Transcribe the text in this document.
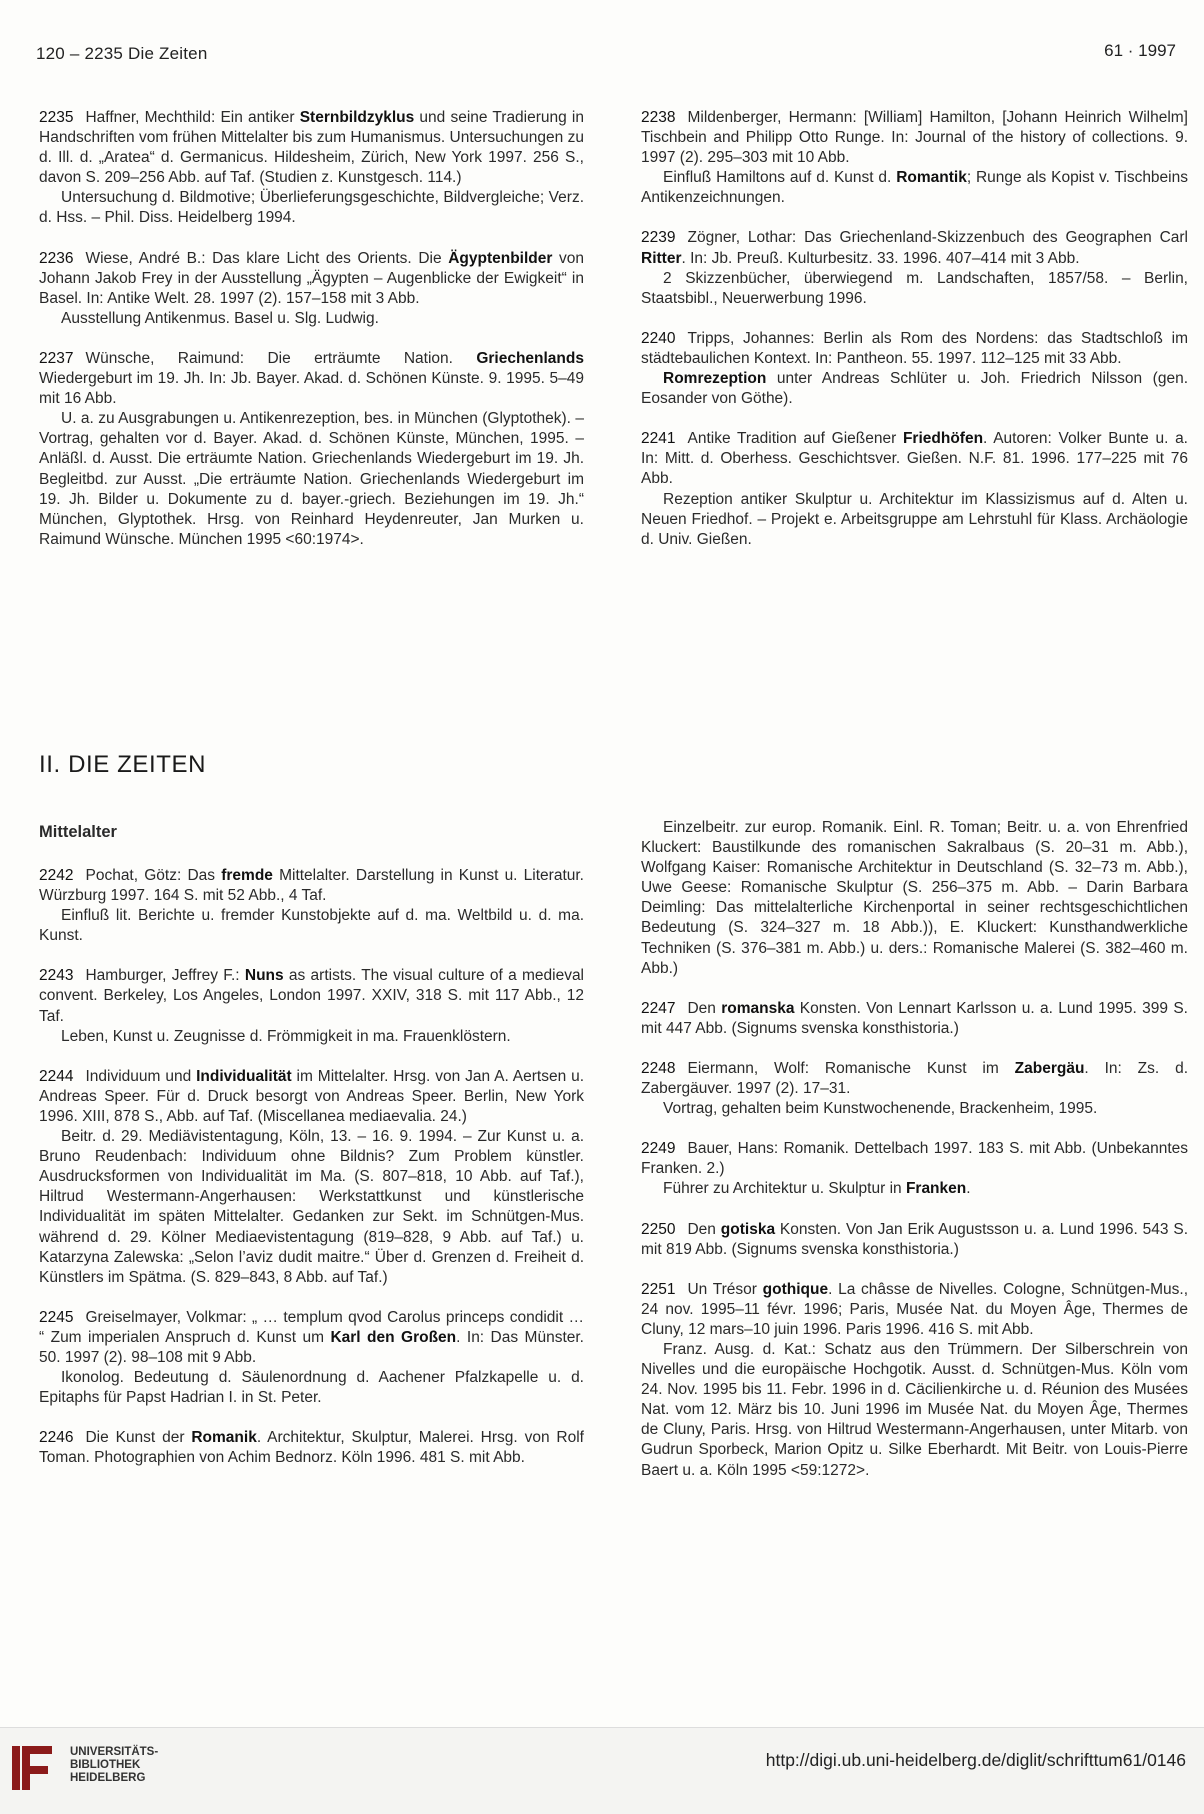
120 – 2235 Die Zeiten	61 · 1997

2235 Haffner, Mechthild: Ein antiker Sternbildzyklus und seine Tradierung in Handschriften vom frühen Mittelalter bis zum Humanismus. Untersuchungen zu d. Ill. d. „Aratea“ d. Germanicus. Hildesheim, Zürich, New York 1997. 256 S., davon S. 209–256 Abb. auf Taf. (Studien z. Kunstgesch. 114.)

Untersuchung d. Bildmotive; Überlieferungsgeschichte, Bildvergleiche; Verz. d. Hss. – Phil. Diss. Heidelberg 1994.

2236 Wiese, André B.: Das klare Licht des Orients. Die Ägyptenbilder von Johann Jakob Frey in der Ausstellung „Ägypten – Augenblicke der Ewigkeit“ in Basel. In: Antike Welt. 28. 1997 (2). 157–158 mit 3 Abb.

Ausstellung Antikenmus. Basel u. Slg. Ludwig.

2237 Wünsche, Raimund: Die erträumte Nation. Griechenlands Wiedergeburt im 19. Jh. In: Jb. Bayer. Akad. d. Schönen Künste. 9. 1995. 5–49 mit 16 Abb.

U. a. zu Ausgrabungen u. Antikenrezeption, bes. in München (Glyptothek). – Vortrag, gehalten vor d. Bayer. Akad. d. Schönen Künste, München, 1995. – Anläßl. d. Ausst. Die erträumte Nation. Griechenlands Wiedergeburt im 19. Jh. Begleitbd. zur Ausst. „Die erträumte Nation. Griechenlands Wiedergeburt im 19. Jh. Bilder u. Dokumente zu d. bayer.-griech. Beziehungen im 19. Jh.“ München, Glyptothek. Hrsg. von Reinhard Heydenreuter, Jan Murken u. Raimund Wünsche. München 1995 <60:1974>.

2238 Mildenberger, Hermann: [William] Hamilton, [Johann Heinrich Wilhelm] Tischbein and Philipp Otto Runge. In: Journal of the history of collections. 9. 1997 (2). 295–303 mit 10 Abb.

Einfluß Hamiltons auf d. Kunst d. Romantik; Runge als Kopist v. Tischbeins Antikenzeichnungen.

2239 Zögner, Lothar: Das Griechenland-Skizzenbuch des Geographen Carl Ritter. In: Jb. Preuß. Kulturbesitz. 33. 1996. 407–414 mit 3 Abb.

2 Skizzenbücher, überwiegend m. Landschaften, 1857/58. – Berlin, Staatsbibl., Neuerwerbung 1996.

2240 Tripps, Johannes: Berlin als Rom des Nordens: das Stadtschloß im städtebaulichen Kontext. In: Pantheon. 55. 1997. 112–125 mit 33 Abb.

Romrezeption unter Andreas Schlüter u. Joh. Friedrich Nilsson (gen. Eosander von Göthe).

2241 Antike Tradition auf Gießener Friedhöfen. Autoren: Volker Bunte u. a. In: Mitt. d. Oberhess. Geschichtsver. Gießen. N.F. 81. 1996. 177–225 mit 76 Abb.

Rezeption antiker Skulptur u. Architektur im Klassizismus auf d. Alten u. Neuen Friedhof. – Projekt e. Arbeitsgruppe am Lehrstuhl für Klass. Archäologie d. Univ. Gießen.

II. DIE ZEITEN
Mittelalter

2242 Pochat, Götz: Das fremde Mittelalter. Darstellung in Kunst u. Literatur. Würzburg 1997. 164 S. mit 52 Abb., 4 Taf.

Einfluß lit. Berichte u. fremder Kunstobjekte auf d. ma. Weltbild u. d. ma. Kunst.

2243 Hamburger, Jeffrey F.: Nuns as artists. The visual culture of a medieval convent. Berkeley, Los Angeles, London 1997. XXIV, 318 S. mit 117 Abb., 12 Taf.

Leben, Kunst u. Zeugnisse d. Frömmigkeit in ma. Frauenklöstern.

2244 Individuum und Individualität im Mittelalter. Hrsg. von Jan A. Aertsen u. Andreas Speer. Für d. Druck besorgt von Andreas Speer. Berlin, New York 1996. XIII, 878 S., Abb. auf Taf. (Miscellanea mediaevalia. 24.)

Beitr. d. 29. Mediävistentagung, Köln, 13. – 16. 9. 1994. – Zur Kunst u. a. Bruno Reudenbach: Individuum ohne Bildnis? Zum Problem künstler. Ausdrucksformen von Individualität im Ma. (S. 807–818, 10 Abb. auf Taf.), Hiltrud Westermann-Angerhausen: Werkstattkunst und künstlerische Individualität im späten Mittelalter. Gedanken zur Sekt. im Schnütgen-Mus. während d. 29. Kölner Mediaevistentagung (819–828, 9 Abb. auf Taf.) u. Katarzyna Zalewska: „Selon l’aviz dudit maitre.“ Über d. Grenzen d. Freiheit d. Künstlers im Spätma. (S. 829–843, 8 Abb. auf Taf.)

2245 Greiselmayer, Volkmar: „ … templum qvod Carolus princeps condidit … “ Zum imperialen Anspruch d. Kunst um Karl den Großen. In: Das Münster. 50. 1997 (2). 98–108 mit 9 Abb.

Ikonolog. Bedeutung d. Säulenordnung d. Aachener Pfalzkapelle u. d. Epitaphs für Papst Hadrian I. in St. Peter.

2246 Die Kunst der Romanik. Architektur, Skulptur, Malerei. Hrsg. von Rolf Toman. Photographien von Achim Bednorz. Köln 1996. 481 S. mit Abb.

Einzelbeitr. zur europ. Romanik. Einl. R. Toman; Beitr. u. a. von Ehrenfried Kluckert: Baustilkunde des romanischen Sakralbaus (S. 20–31 m. Abb.), Wolfgang Kaiser: Romanische Architektur in Deutschland (S. 32–73 m. Abb.), Uwe Geese: Romanische Skulptur (S. 256–375 m. Abb. – Darin Barbara Deimling: Das mittelalterliche Kirchenportal in seiner rechtsgeschichtlichen Bedeutung (S. 324–327 m. 18 Abb.)), E. Kluckert: Kunsthandwerkliche Techniken (S. 376–381 m. Abb.) u. ders.: Romanische Malerei (S. 382–460 m. Abb.)

2247 Den romanska Konsten. Von Lennart Karlsson u. a. Lund 1995. 399 S. mit 447 Abb. (Signums svenska konsthistoria.)

2248 Eiermann, Wolf: Romanische Kunst im Zabergäu. In: Zs. d. Zabergäuver. 1997 (2). 17–31.

Vortrag, gehalten beim Kunstwochenende, Brackenheim, 1995.

2249 Bauer, Hans: Romanik. Dettelbach 1997. 183 S. mit Abb. (Unbekanntes Franken. 2.)

Führer zu Architektur u. Skulptur in Franken.

2250 Den gotiska Konsten. Von Jan Erik Augustsson u. a. Lund 1996. 543 S. mit 819 Abb. (Signums svenska konsthistoria.)

2251 Un Trésor gothique. La châsse de Nivelles. Cologne, Schnütgen-Mus., 24 nov. 1995–11 févr. 1996; Paris, Musée Nat. du Moyen Âge, Thermes de Cluny, 12 mars–10 juin 1996. Paris 1996. 416 S. mit Abb.

Franz. Ausg. d. Kat.: Schatz aus den Trümmern. Der Silberschrein von Nivelles und die europäische Hochgotik. Ausst. d. Schnütgen-Mus. Köln vom 24. Nov. 1995 bis 11. Febr. 1996 in d. Cäcilienkirche u. d. Réunion des Musées Nat. vom 12. März bis 10. Juni 1996 im Musée Nat. du Moyen Âge, Thermes de Cluny, Paris. Hrsg. von Hiltrud Westermann-Angerhausen, unter Mitarb. von Gudrun Sporbeck, Marion Opitz u. Silke Eberhardt. Mit Beitr. von Louis-Pierre Baert u. a. Köln 1995 <59:1272>.

UNIVERSITÄTS-
BIBLIOTHEK
HEIDELBERG
http://digi.ub.uni-heidelberg.de/diglit/schrifttum61/0146
